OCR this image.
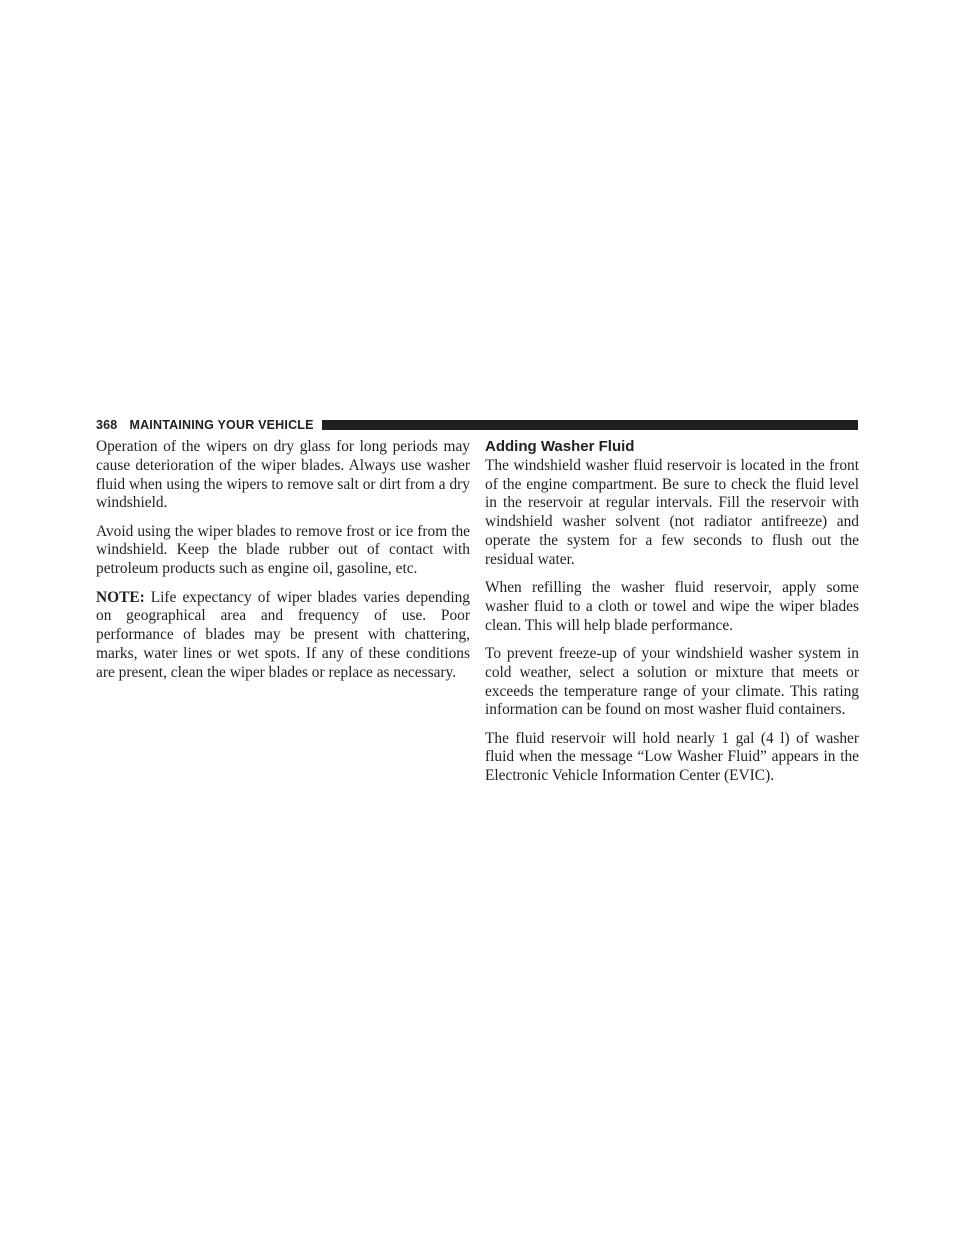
368 MAINTAINING YOUR VEHICLE

Operation of the wipers on dry glass for long periods may cause deterioration of the wiper blades. Always use washer fluid when using the wipers to remove salt or dirt from a dry windshield.

Avoid using the wiper blades to remove frost or ice from the windshield. Keep the blade rubber out of contact with petroleum products such as engine oil, gasoline, etc.

NOTE: Life expectancy of wiper blades varies depending on geographical area and frequency of use. Poor performance of blades may be present with chattering, marks, water lines or wet spots. If any of these conditions are present, clean the wiper blades or replace as necessary.

Adding Washer Fluid

The windshield washer fluid reservoir is located in the front of the engine compartment. Be sure to check the fluid level in the reservoir at regular intervals. Fill the reservoir with windshield washer solvent (not radiator antifreeze) and operate the system for a few seconds to flush out the residual water.

When refilling the washer fluid reservoir, apply some washer fluid to a cloth or towel and wipe the wiper blades clean. This will help blade performance.

To prevent freeze-up of your windshield washer system in cold weather, select a solution or mixture that meets or exceeds the temperature range of your climate. This rating information can be found on most washer fluid containers.

The fluid reservoir will hold nearly 1 gal (4 l) of washer fluid when the message “Low Washer Fluid” appears in the Electronic Vehicle Information Center (EVIC).
